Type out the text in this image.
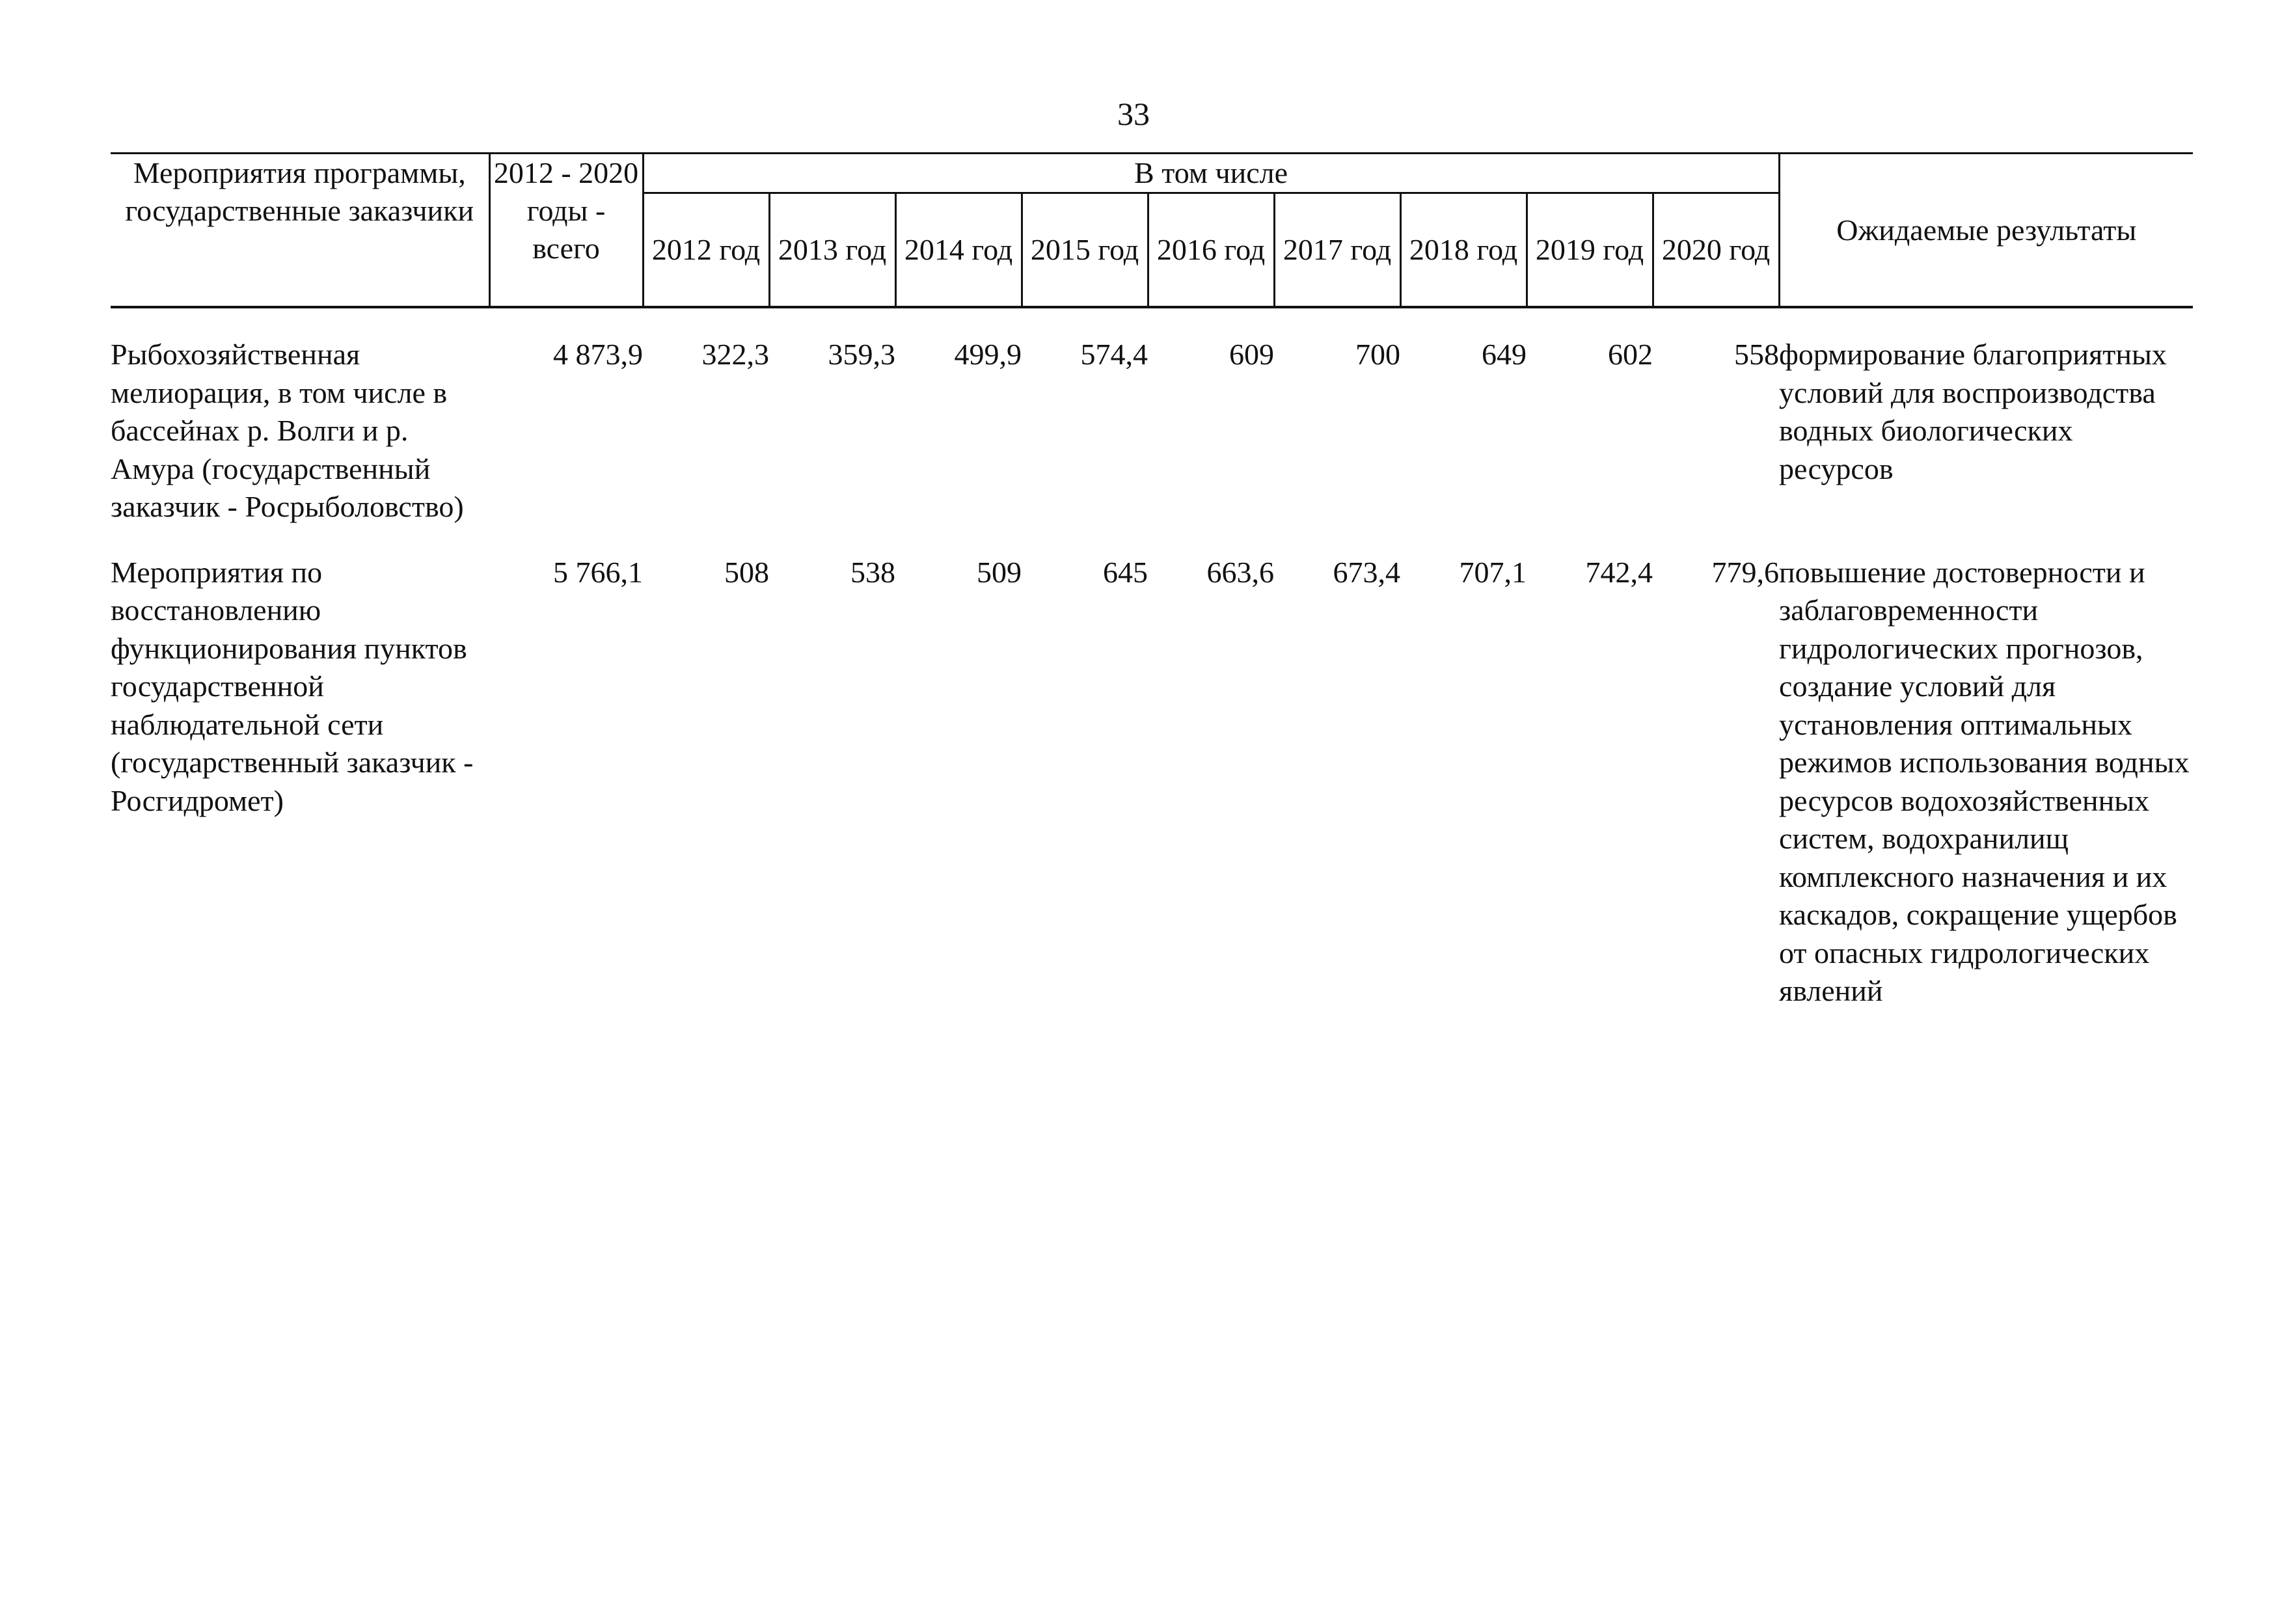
33
Мероприятия программы, государственные заказчики	2012 - 2020 годы - всего	В том числе									Ожидаемые результаты
		2012 год	2013 год	2014 год	2015 год	2016 год	2017 год	2018 год	2019 год	2020 год	
Рыбохозяйственная мелиорация, в том числе в бассейнах р. Волги и р. Амура (государственный заказчик - Росрыболовство)	4 873,9	322,3	359,3	499,9	574,4	609	700	649	602	558	формирование благоприятных условий для воспроизводства водных биологических ресурсов
Мероприятия по восстановлению функционирования пунктов государственной наблюдательной сети (государственный заказчик - Росгидромет)	5 766,1	508	538	509	645	663,6	673,4	707,1	742,4	779,6	повышение достоверности и заблаговременности гидрологических прогнозов, создание условий для установления оптимальных режимов использования водных ресурсов водохозяйственных систем, водохранилищ комплексного назначения и их каскадов, сокращение ущербов от опасных гидрологических явлений
